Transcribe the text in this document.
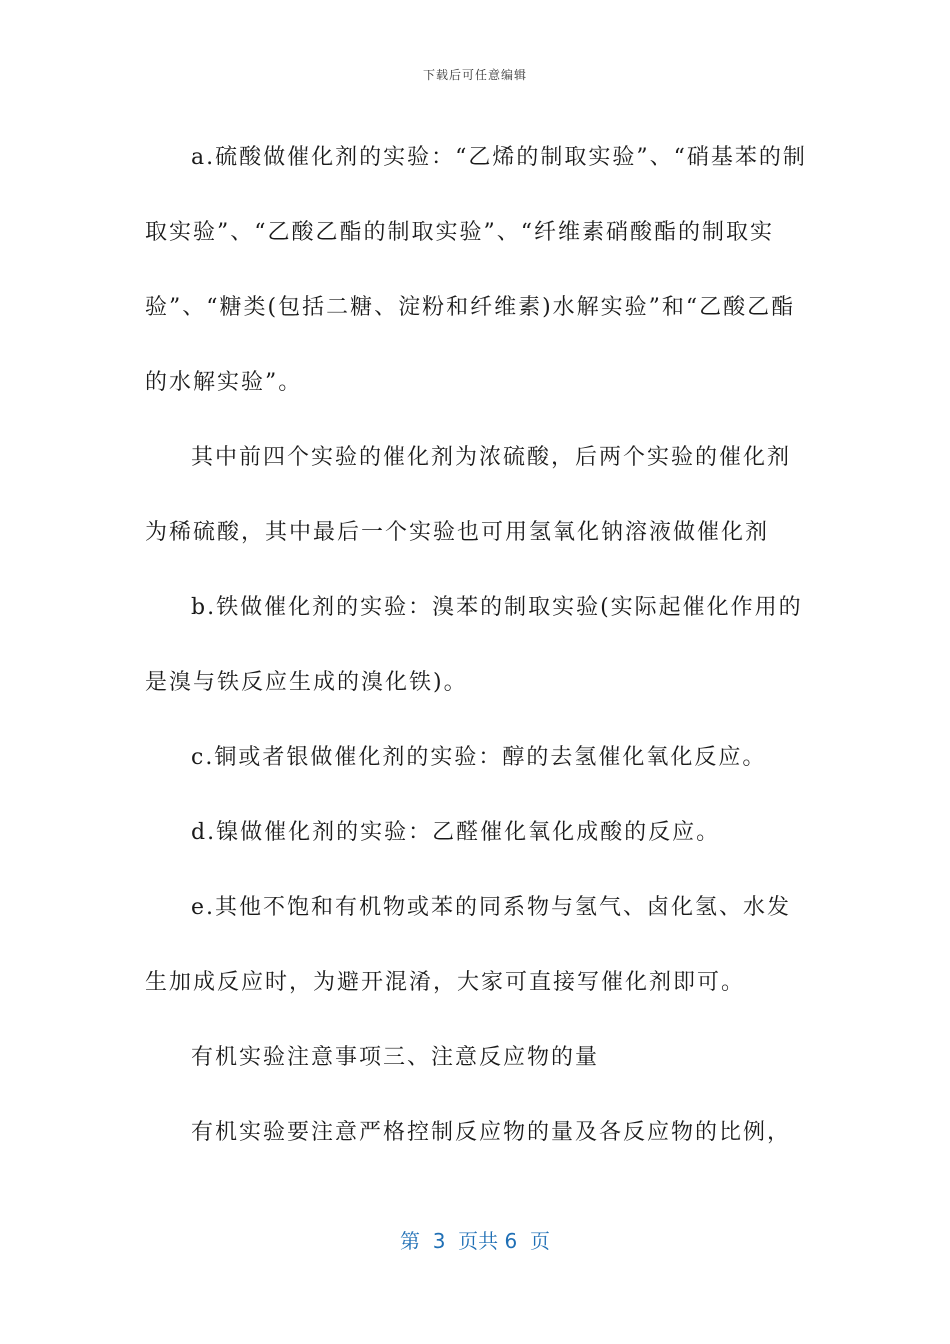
下载后可任意编辑

a.硫酸做催化剂的实验：“乙烯的制取实验”、“硝基苯的制取实验”、“乙酸乙酯的制取实验”、“纤维素硝酸酯的制取实验”、“糖类(包括二糖、淀粉和纤维素)水解实验”和“乙酸乙酯的水解实验”。

其中前四个实验的催化剂为浓硫酸，后两个实验的催化剂为稀硫酸，其中最后一个实验也可用氢氧化钠溶液做催化剂

b.铁做催化剂的实验：溴苯的制取实验(实际起催化作用的是溴与铁反应生成的溴化铁)。

c.铜或者银做催化剂的实验：醇的去氢催化氧化反应。

d.镍做催化剂的实验：乙醛催化氧化成酸的反应。

e.其他不饱和有机物或苯的同系物与氢气、卤化氢、水发生加成反应时，为避开混淆，大家可直接写催化剂即可。

有机实验注意事项三、注意反应物的量

有机实验要注意严格控制反应物的量及各反应物的比例，

第  3  页共 6  页
